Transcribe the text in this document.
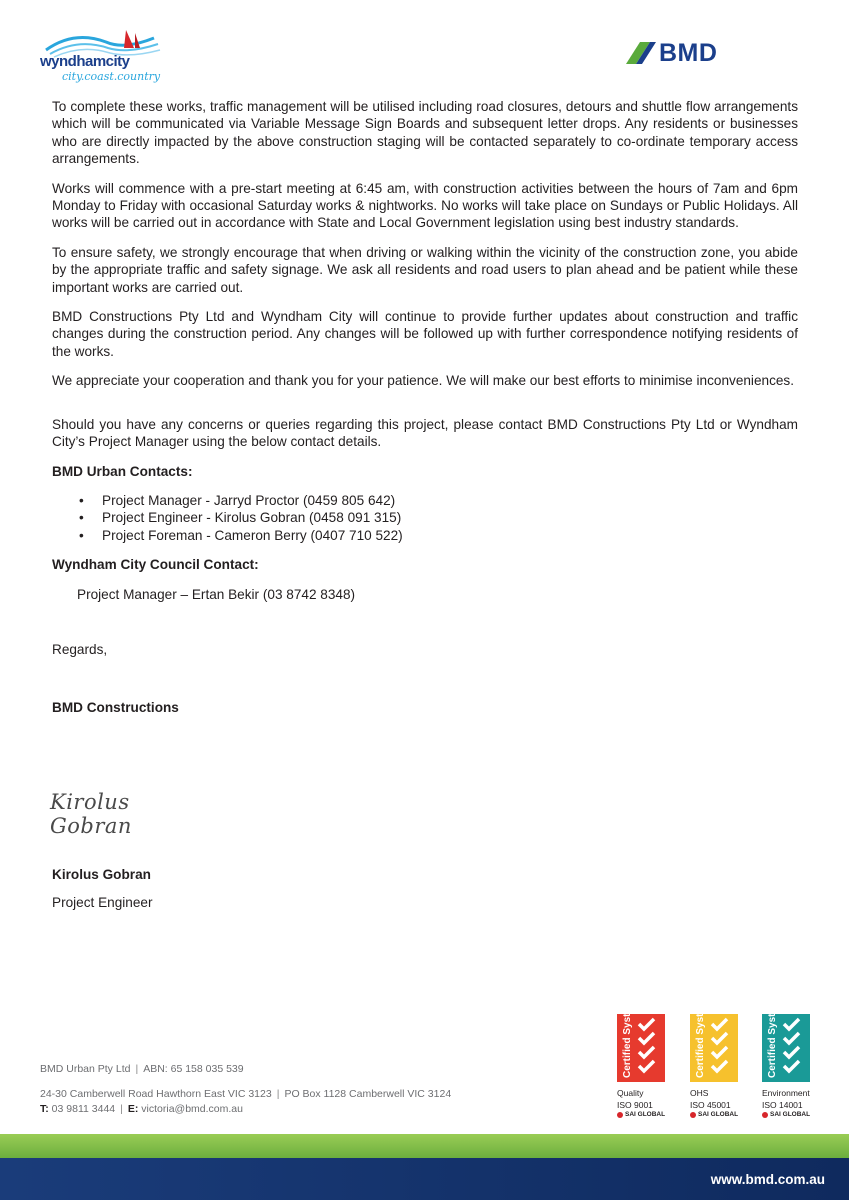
wyndhamcity
city.coast.country
BMD

To complete these works, traffic management will be utilised including road closures, detours and shuttle flow arrangements which will be communicated via Variable Message Sign Boards and subsequent letter drops. Any residents or businesses who are directly impacted by the above construction staging will be contacted separately to co-ordinate temporary access arrangements.

Works will commence with a pre-start meeting at 6:45 am, with construction activities between the hours of 7am and 6pm Monday to Friday with occasional Saturday works & nightworks. No works will take place on Sundays or Public Holidays. All works will be carried out in accordance with State and Local Government legislation using best industry standards.

To ensure safety, we strongly encourage that when driving or walking within the vicinity of the construction zone, you abide by the appropriate traffic and safety signage. We ask all residents and road users to plan ahead and be patient while these important works are carried out.

BMD Constructions Pty Ltd and Wyndham City will continue to provide further updates about construction and traffic changes during the construction period. Any changes will be followed up with further correspondence notifying residents of the works.

We appreciate your cooperation and thank you for your patience. We will make our best efforts to minimise inconveniences.

Should you have any concerns or queries regarding this project, please contact BMD Constructions Pty Ltd or Wyndham City’s Project Manager using the below contact details.

BMD Urban Contacts:
• Project Manager - Jarryd Proctor (0459 805 642)
• Project Engineer - Kirolus Gobran (0458 091 315)
• Project Foreman - Cameron Berry (0407 710 522)
Wyndham City Council Contact:
Project Manager – Ertan Bekir (03 8742 8348)
Regards,
BMD Constructions
Kirolus Gobran
Kirolus Gobran
Project Engineer
BMD Urban Pty Ltd | ABN: 65 158 035 539
24-30 Camberwell Road Hawthorn East VIC 3123 | PO Box 1128 Camberwell VIC 3124
T: 03 9811 3444 | E: victoria@bmd.com.au
Certified System
Quality
ISO 9001
SAI GLOBAL
Certified System
OHS
ISO 45001
SAI GLOBAL
Certified System
Environment
ISO 14001
SAI GLOBAL
www.bmd.com.au
